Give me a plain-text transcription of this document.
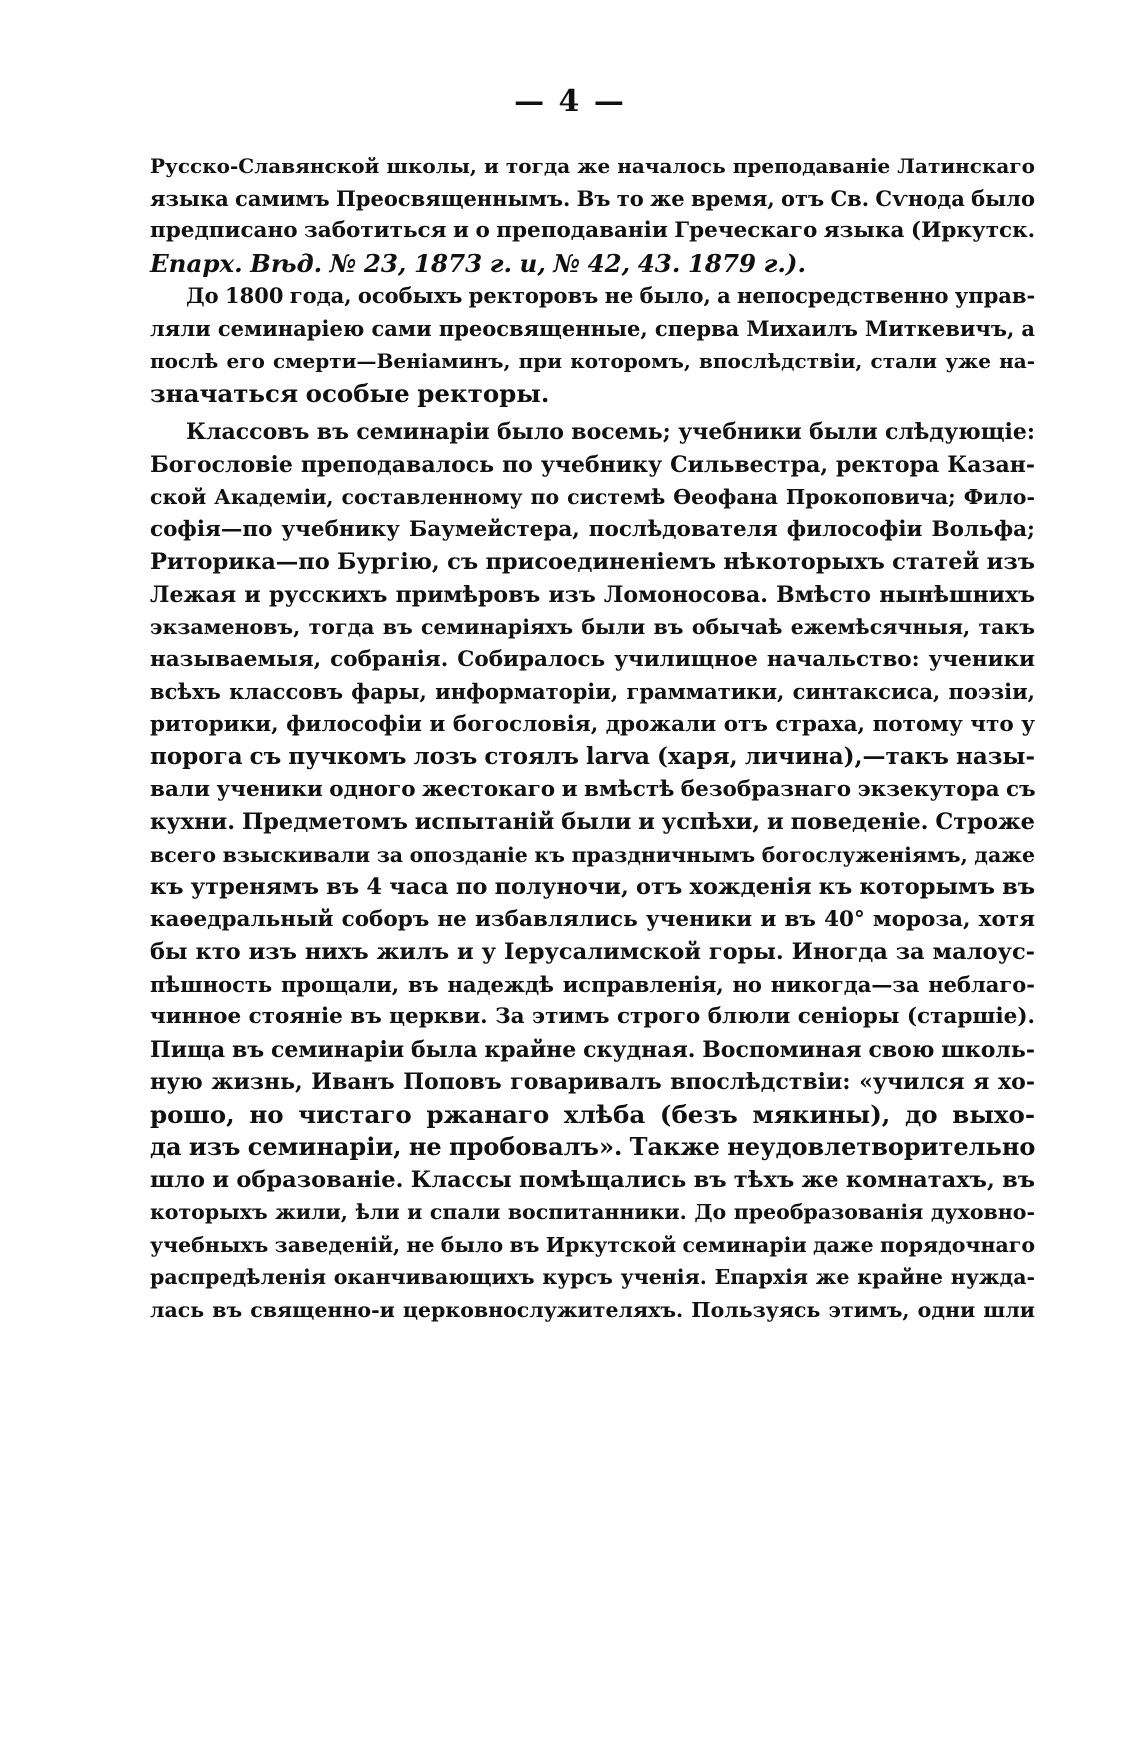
— 4 —
Русско-Славянской школы, и тогда же началось преподаваніе Латинскаго
языка самимъ Преосвященнымъ. Въ то же время, отъ Св. Сѵнода было
предписано заботиться и о преподаваніи Греческаго языка (Иркутск.
Епарх. Вѣд. № 23, 1873 г. и, № 42, 43. 1879 г.).
До 1800 года, особыхъ ректоровъ не было, а непосредственно управ-
ляли семинаріею сами преосвященные, сперва Михаилъ Миткевичъ, а
послѣ его смерти—Веніаминъ, при которомъ, впослѣдствіи, стали уже на-
значаться особые ректоры.
Классовъ въ семинаріи было восемь; учебники были слѣдующіе:
Богословіе преподавалось по учебнику Сильвестра, ректора Казан-
ской Академіи, составленному по системѣ Ѳеофана Прокоповича; Фило-
софія—по учебнику Баумейстера, послѣдователя философіи Вольфа;
Риторика—по Бургію, съ присоединеніемъ нѣкоторыхъ статей изъ
Лежая и русскихъ примѣровъ изъ Ломоносова. Вмѣсто нынѣшнихъ
экзаменовъ, тогда въ семинаріяхъ были въ обычаѣ ежемѣсячныя, такъ
называемыя, собранія. Собиралось училищное начальство: ученики
всѣхъ классовъ фары, информаторіи, грамматики, синтаксиса, поэзіи,
риторики, философіи и богословія, дрожали отъ страха, потому что у
порога съ пучкомъ лозъ стоялъ larva (харя, личина),—такъ назы-
вали ученики одного жестокаго и вмѣстѣ безобразнаго экзекутора съ
кухни. Предметомъ испытаній были и успѣхи, и поведеніе. Строже
всего взыскивали за опозданіе къ праздничнымъ богослуженіямъ, даже
къ утренямъ въ 4 часа по полуночи, отъ хожденія къ которымъ въ
каѳедральный соборъ не избавлялись ученики и въ 40° мороза, хотя
бы кто изъ нихъ жилъ и у Іерусалимской горы. Иногда за малоус-
пѣшность прощали, въ надеждѣ исправленія, но никогда—за неблаго-
чинное стояніе въ церкви. За этимъ строго блюли сеніоры (старшіе).
Пища въ семинаріи была крайне скудная. Воспоминая свою школь-
ную жизнь, Иванъ Поповъ говаривалъ впослѣдствіи: «учился я хо-
рошо, но чистаго ржанаго хлѣба (безъ мякины), до выхо-
да изъ семинаріи, не пробовалъ». Также неудовлетворительно
шло и образованіе. Классы помѣщались въ тѣхъ же комнатахъ, въ
которыхъ жили, ѣли и спали воспитанники. До преобразованія духовно-
учебныхъ заведеній, не было въ Иркутской семинаріи даже порядочнаго
распредѣленія оканчивающихъ курсъ ученія. Епархія же крайне нужда-
лась въ священно-и церковнослужителяхъ. Пользуясь этимъ, одни шли
